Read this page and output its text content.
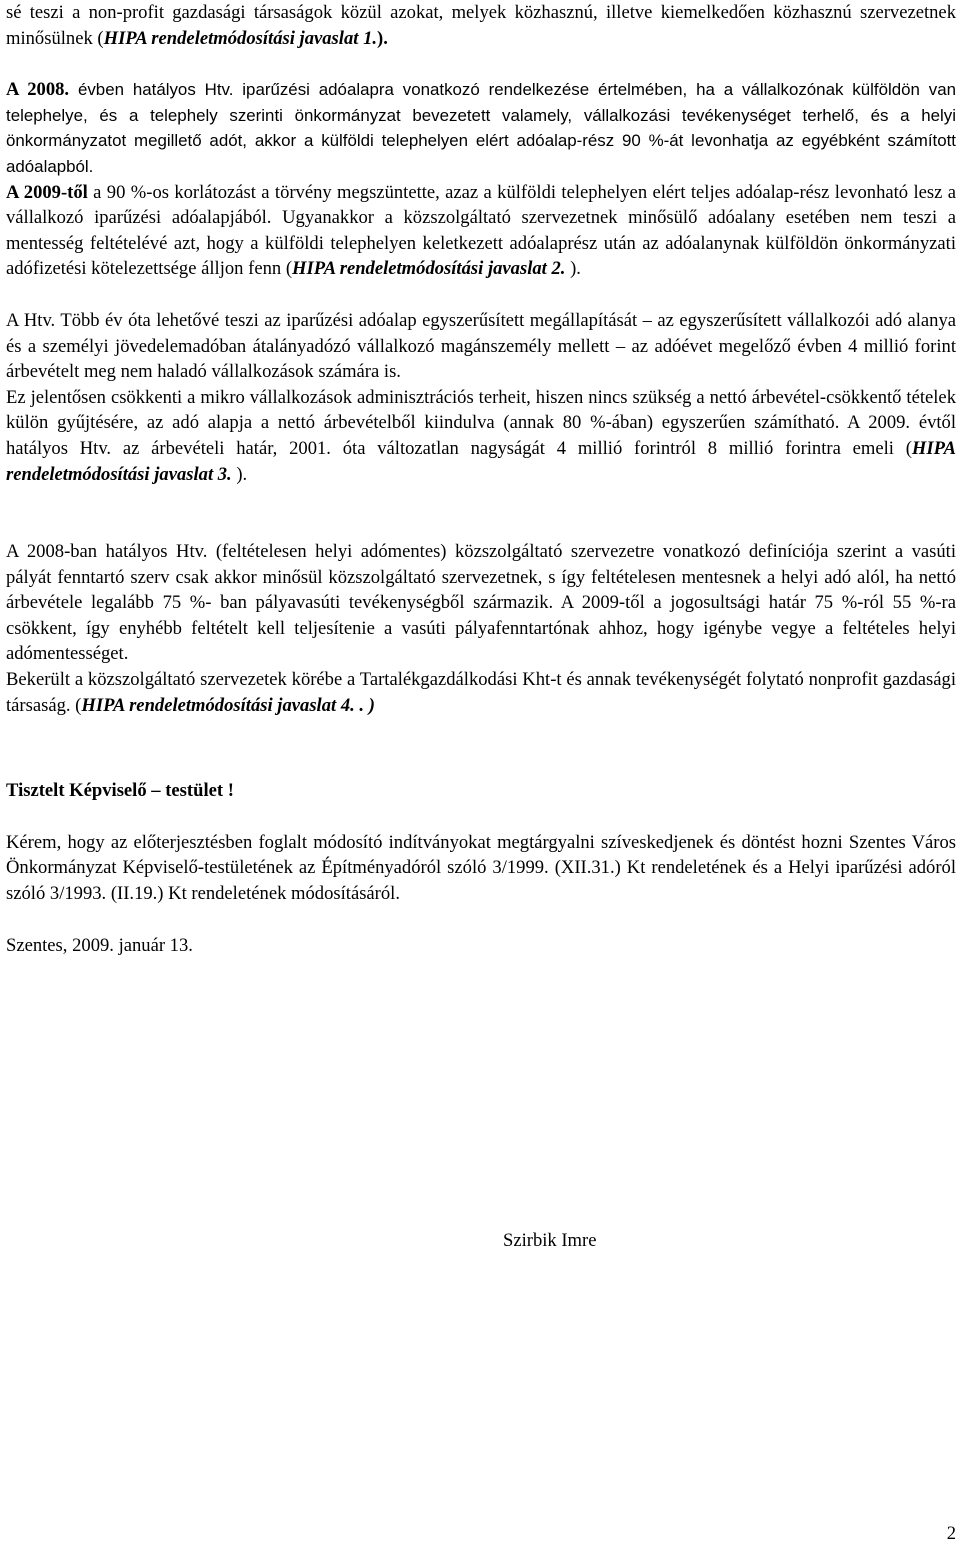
sé teszi a non-profit gazdasági társaságok közül azokat, melyek közhasznú, illetve kiemelkedően közhasznú szervezetnek minősülnek (HIPA rendeletmódosítási javaslat 1.).

A 2008. évben hatályos Htv. iparűzési adóalapra vonatkozó rendelkezése értelmében, ha a vállalkozónak külföldön van telephelye, és a telephely szerinti önkormányzat bevezetett valamely, vállalkozási tevékenységet terhelő, és a helyi önkormányzatot megillető adót, akkor a külföldi telephelyen elért adóalap-rész 90 %-át levonhatja az egyébként számított adóalapból.

A 2009-től a 90 %-os korlátozást a törvény megszüntette, azaz a külföldi telephelyen elért teljes adóalap-rész levonható lesz a vállalkozó iparűzési adóalapjából. Ugyanakkor a közszolgáltató szervezetnek minősülő adóalany esetében nem teszi a mentesség feltételévé azt, hogy a külföldi telephelyen keletkezett adóalaprész után az adóalanynak külföldön önkormányzati adófizetési kötelezettsége álljon fenn (HIPA rendeletmódosítási javaslat 2. ).

A Htv. Több év óta lehetővé teszi az iparűzési adóalap egyszerűsített megállapítását – az egyszerűsített vállalkozói adó alanya és a személyi jövedelemadóban átalányadózó vállalkozó magánszemély mellett – az adóévet megelőző évben 4 millió forint árbevételt meg nem haladó vállalkozások számára is.

Ez jelentősen csökkenti a mikro vállalkozások adminisztrációs terheit, hiszen nincs szükség a nettó árbevétel-csökkentő tételek külön gyűjtésére, az adó alapja a nettó árbevételből kiindulva (annak 80 %-ában) egyszerűen számítható. A 2009. évtől hatályos Htv. az árbevételi határ, 2001. óta változatlan nagyságát 4 millió forintról 8 millió forintra emeli (HIPA rendeletmódosítási javaslat 3. ).

A 2008-ban hatályos Htv. (feltételesen helyi adómentes) közszolgáltató szervezetre vonatkozó definíciója szerint a vasúti pályát fenntartó szerv csak akkor minősül közszolgáltató szervezetnek, s így feltételesen mentesnek a helyi adó alól, ha nettó árbevétele legalább 75 %- ban pályavasúti tevékenységből származik. A 2009-től a jogosultsági határ 75 %-ról 55 %-ra csökkent, így enyhébb feltételt kell teljesítenie a vasúti pályafenntartónak ahhoz, hogy igénybe vegye a feltételes helyi adómentességet.

Bekerült a közszolgáltató szervezetek körébe a Tartalékgazdálkodási Kht-t és annak tevékenységét folytató nonprofit gazdasági társaság. (HIPA rendeletmódosítási javaslat 4. . )

Tisztelt Képviselő – testület !

Kérem, hogy az előterjesztésben foglalt módosító indítványokat megtárgyalni szíveskedjenek és döntést hozni Szentes Város Önkormányzat Képviselő-testületének az Építményadóról szóló 3/1999. (XII.31.) Kt rendeletének és a Helyi iparűzési adóról szóló 3/1993. (II.19.) Kt rendeletének módosításáról.

Szentes, 2009. január 13.

Szirbik Imre
2
